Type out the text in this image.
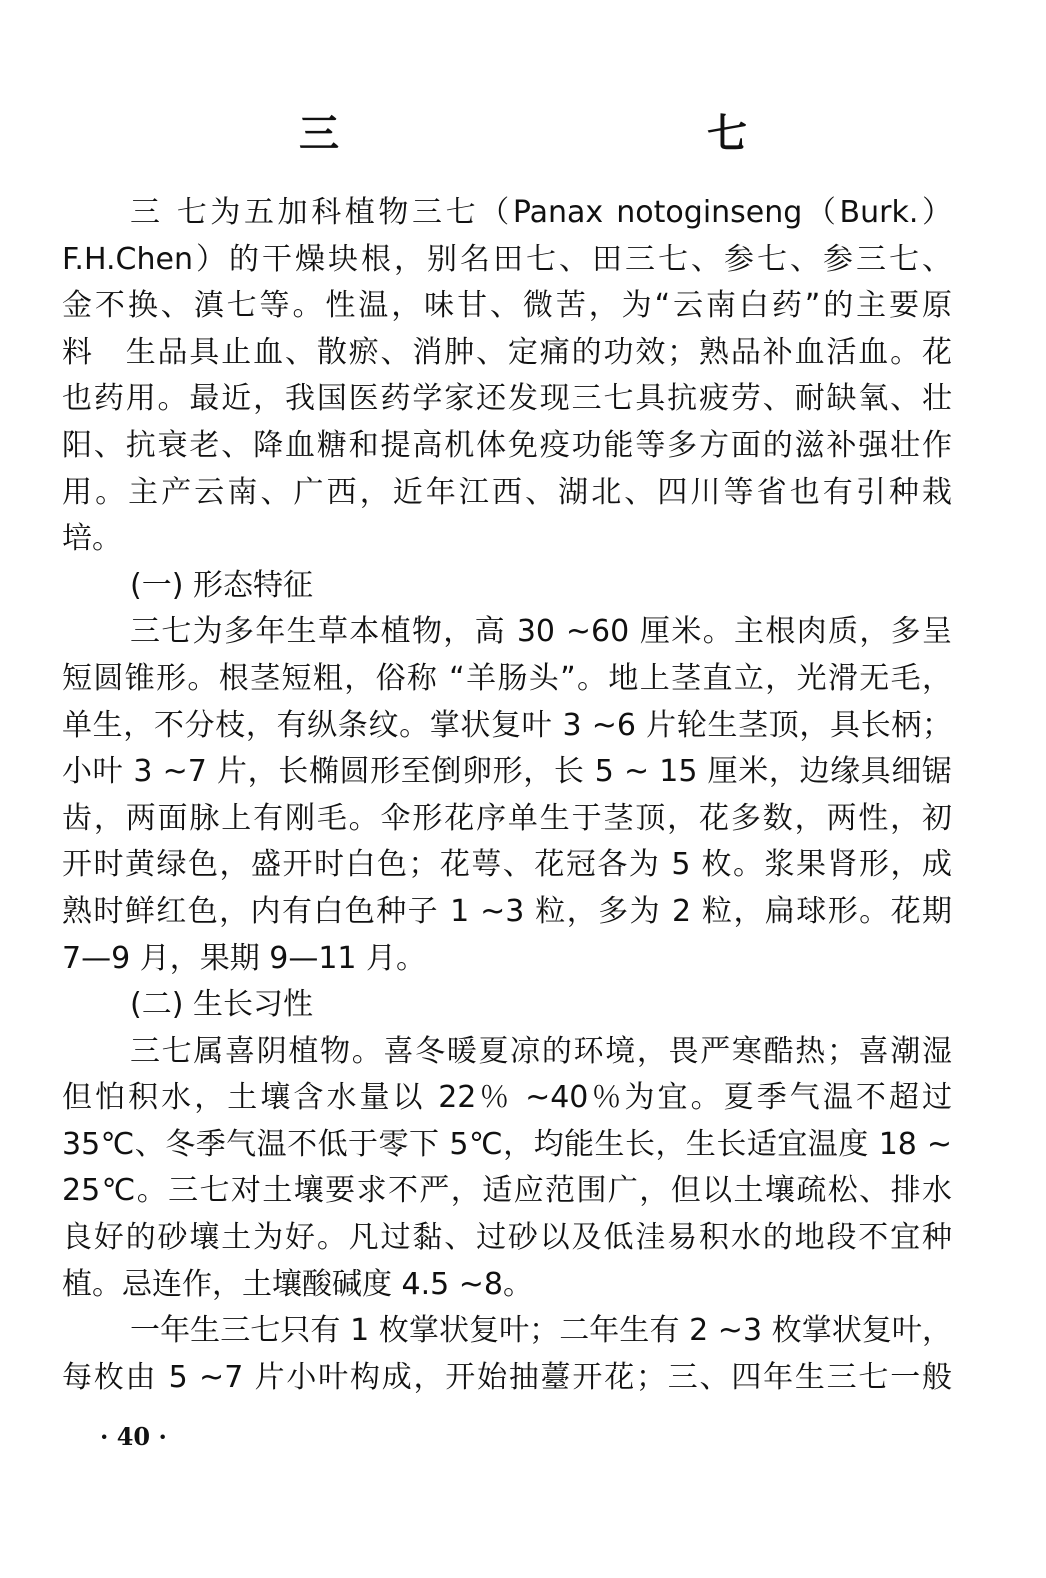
三　　七
三 七为五加科植物三七（Panax notoginseng（Burk.）
F.H.Chen）的干燥块根，别名田七、田三七、参七、参三七、
金不换、滇七等。性温，味甘、微苦，为“云南白药”的主要原
料　生品具止血、散瘀、消肿、定痛的功效；熟品补血活血。花
也药用。最近，我国医药学家还发现三七具抗疲劳、耐缺氧、壮
阳、抗衰老、降血糖和提高机体免疫功能等多方面的滋补强壮作
用。主产云南、广西，近年江西、湖北、四川等省也有引种栽
培。
(一) 形态特征
三七为多年生草本植物，高 30 ~60 厘米。主根肉质，多呈
短圆锥形。根茎短粗，俗称 “羊肠头”。地上茎直立，光滑无毛，
单生，不分枝，有纵条纹。掌状复叶 3 ~6 片轮生茎顶，具长柄；
小叶 3 ~7 片，长椭圆形至倒卵形，长 5 ~ 15 厘米，边缘具细锯
齿，两面脉上有刚毛。伞形花序单生于茎顶，花多数，两性，初
开时黄绿色，盛开时白色；花萼、花冠各为 5 枚。浆果肾形，成
熟时鲜红色，内有白色种子 1 ~3 粒，多为 2 粒，扁球形。花期
7—9 月，果期 9—11 月。
(二) 生长习性
三七属喜阴植物。喜冬暖夏凉的环境，畏严寒酷热；喜潮湿
但怕积水，土壤含水量以 22％ ~40％为宜。夏季气温不超过
35℃、冬季气温不低于零下 5℃，均能生长，生长适宜温度 18 ~
25℃。三七对土壤要求不严，适应范围广，但以土壤疏松、排水
良好的砂壤土为好。凡过黏、过砂以及低洼易积水的地段不宜种
植。忌连作，土壤酸碱度 4.5 ~8。
一年生三七只有 1 枚掌状复叶；二年生有 2 ~3 枚掌状复叶，
每枚由 5 ~7 片小叶构成，开始抽薹开花；三、四年生三七一般
· 40 ·
